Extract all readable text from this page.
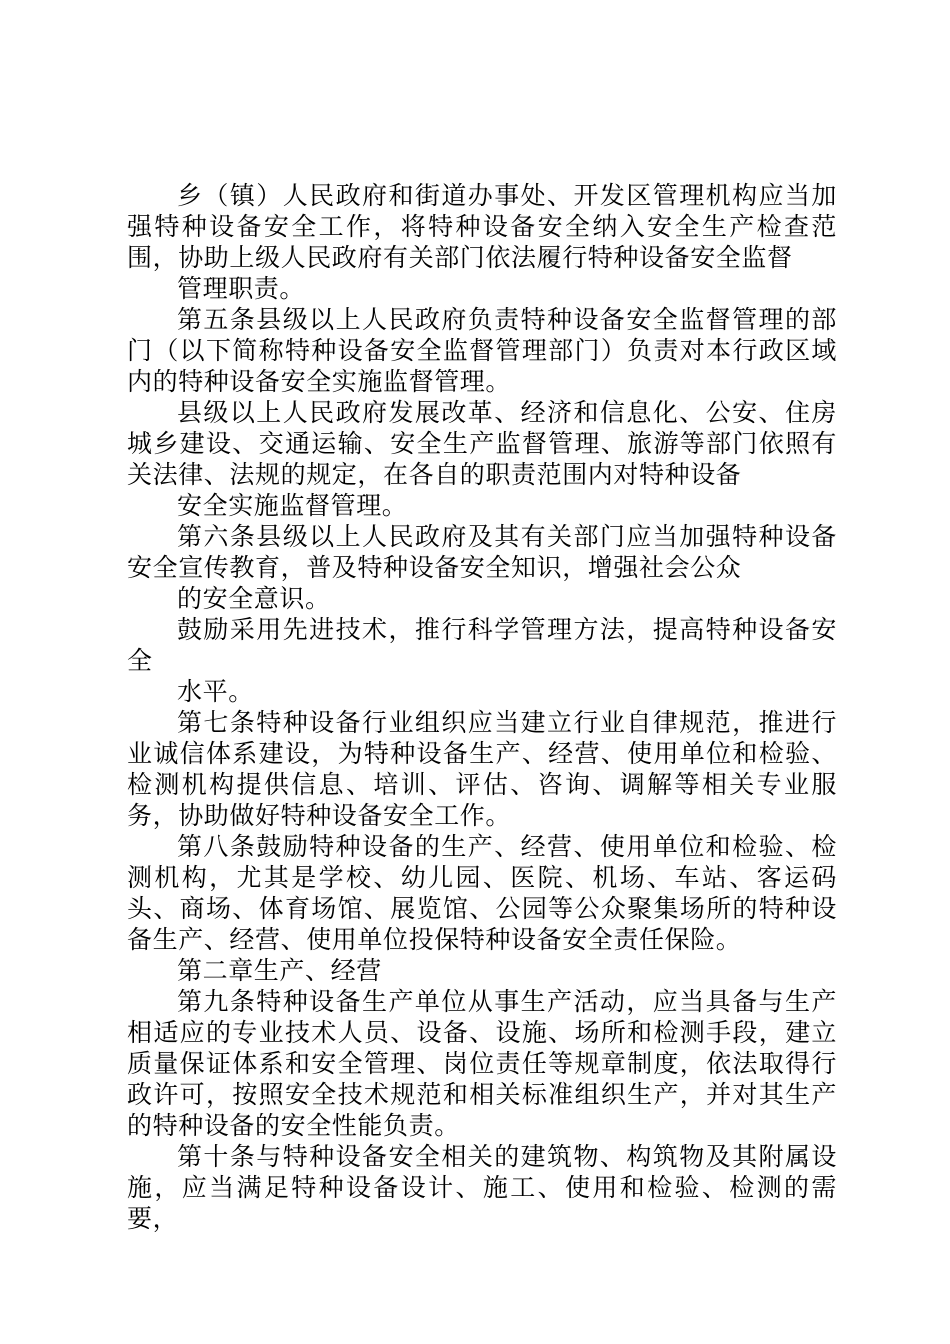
乡（镇）人民政府和街道办事处、开发区管理机构应当加强特种设备安全工作，将特种设备安全纳入安全生产检查范围，协助上级人民政府有关部门依法履行特种设备安全监督

管理职责。

第五条县级以上人民政府负责特种设备安全监督管理的部门（以下简称特种设备安全监督管理部门）负责对本行政区域内的特种设备安全实施监督管理。

县级以上人民政府发展改革、经济和信息化、公安、住房城乡建设、交通运输、安全生产监督管理、旅游等部门依照有关法律、法规的规定，在各自的职责范围内对特种设备

安全实施监督管理。

第六条县级以上人民政府及其有关部门应当加强特种设备安全宣传教育，普及特种设备安全知识，增强社会公众

的安全意识。

鼓励采用先进技术，推行科学管理方法，提高特种设备安全

水平。

第七条特种设备行业组织应当建立行业自律规范，推进行业诚信体系建设，为特种设备生产、经营、使用单位和检验、检测机构提供信息、培训、评估、咨询、调解等相关专业服务，协助做好特种设备安全工作。

第八条鼓励特种设备的生产、经营、使用单位和检验、检测机构，尤其是学校、幼儿园、医院、机场、车站、客运码头、商场、体育场馆、展览馆、公园等公众聚集场所的特种设备生产、经营、使用单位投保特种设备安全责任保险。

第二章生产、经营

第九条特种设备生产单位从事生产活动，应当具备与生产相适应的专业技术人员、设备、设施、场所和检测手段，建立质量保证体系和安全管理、岗位责任等规章制度，依法取得行政许可，按照安全技术规范和相关标准组织生产，并对其生产的特种设备的安全性能负责。

第十条与特种设备安全相关的建筑物、构筑物及其附属设施，应当满足特种设备设计、施工、使用和检验、检测的需要，
